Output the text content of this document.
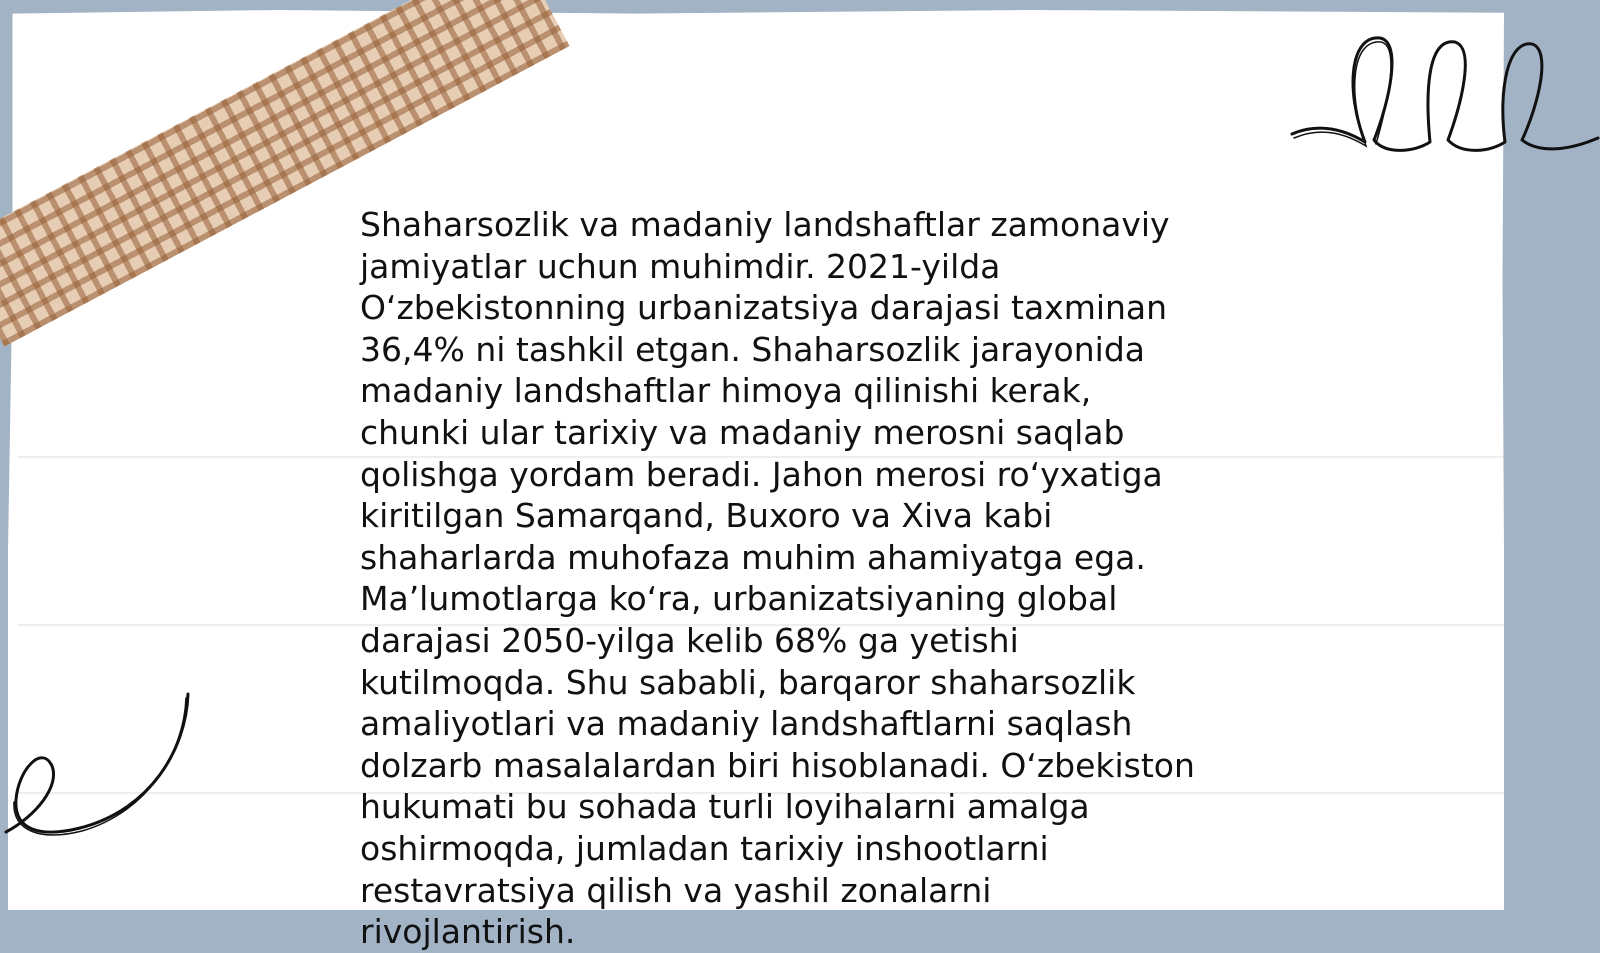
Shaharsozlik va madaniy landshaftlar zamonaviy jamiyatlar uchun muhimdir. 2021-yilda O‘zbekistonning urbanizatsiya darajasi taxminan 36,4% ni tashkil etgan. Shaharsozlik jarayonida madaniy landshaftlar himoya qilinishi kerak, chunki ular tarixiy va madaniy merosni saqlab qolishga yordam beradi. Jahon merosi ro‘yxatiga kiritilgan Samarqand, Buxoro va Xiva kabi shaharlarda muhofaza muhim ahamiyatga ega. Ma’lumotlarga ko‘ra, urbanizatsiyaning global darajasi 2050-yilga kelib 68% ga yetishi kutilmoqda. Shu sababli, barqaror shaharsozlik amaliyotlari va madaniy landshaftlarni saqlash dolzarb masalalardan biri hisoblanadi. O‘zbekiston hukumati bu sohada turli loyihalarni amalga oshirmoqda, jumladan tarixiy inshootlarni restavratsiya qilish va yashil zonalarni rivojlantirish.
